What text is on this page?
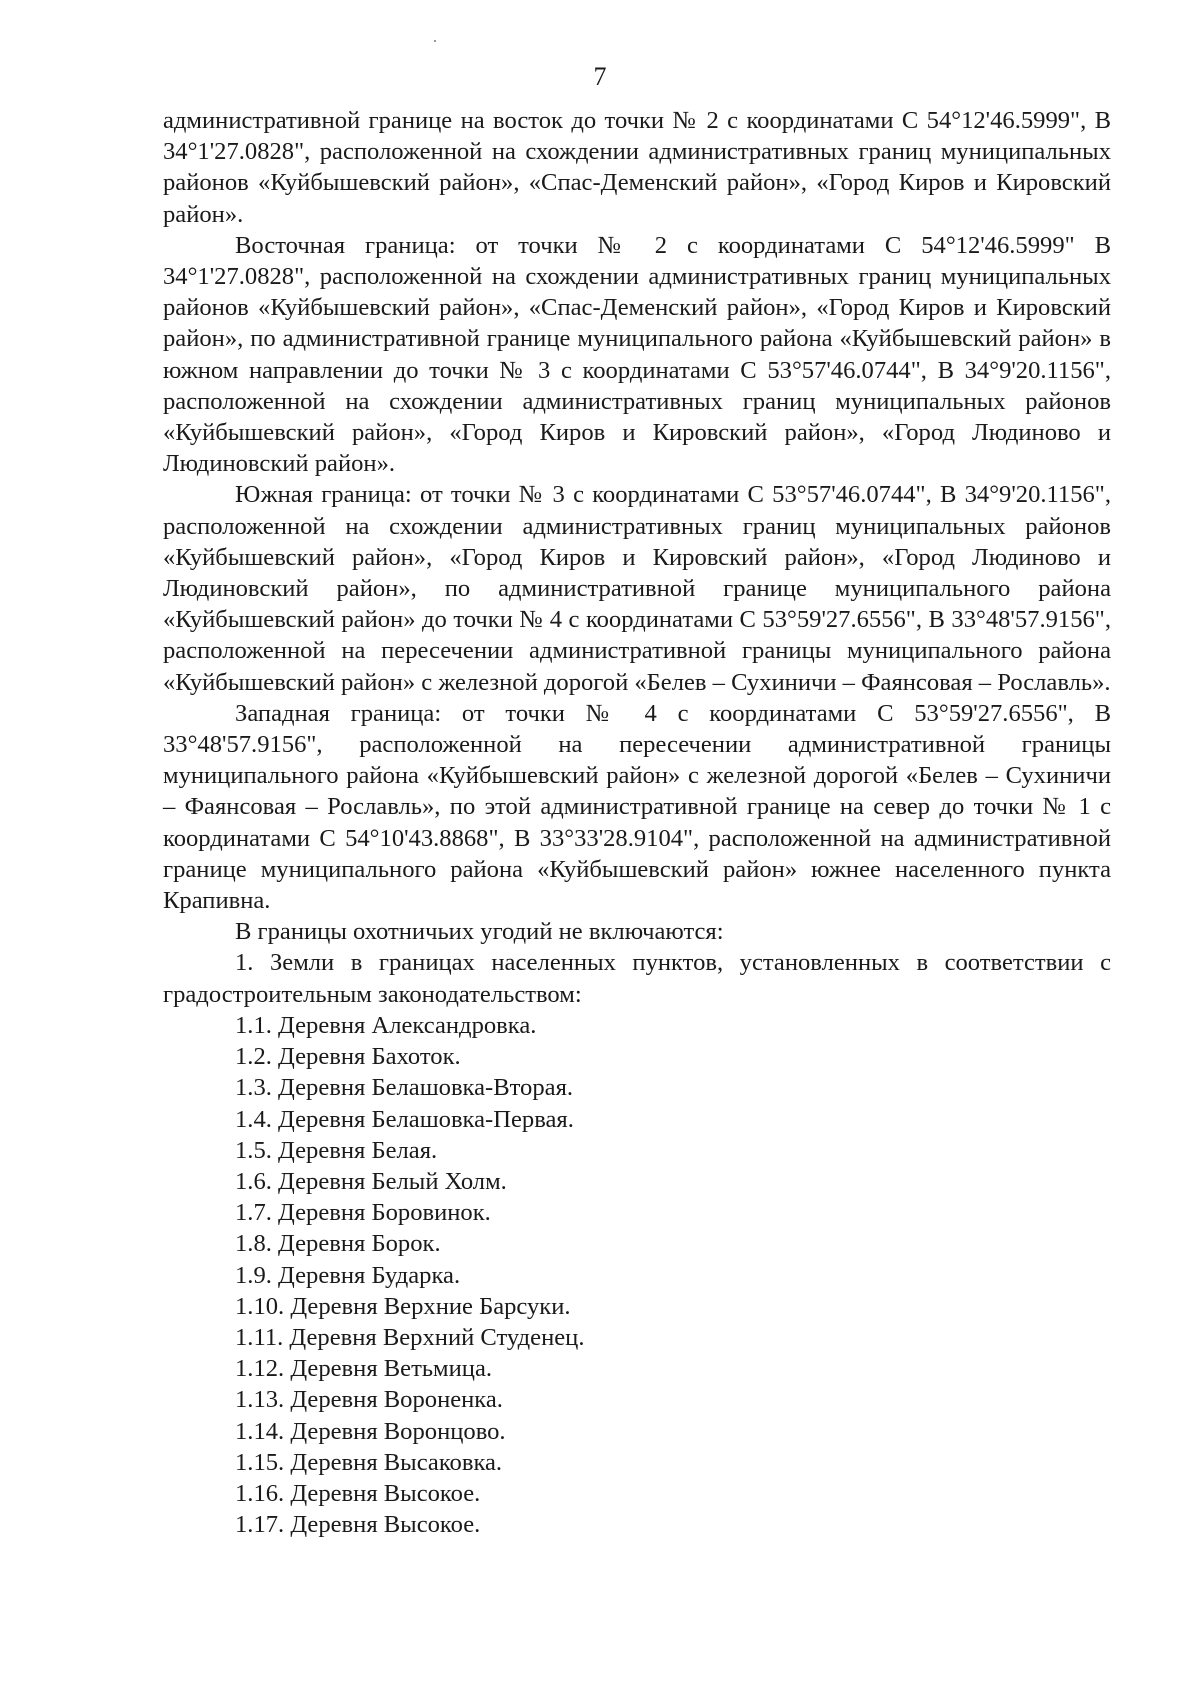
7

административной границе на восток до точки № 2 с координатами С 54°12'46.5999", В 34°1'27.0828", расположенной на схождении административных границ муниципальных районов «Куйбышевский район», «Спас-Деменский район», «Город Киров и Кировский район».

Восточная граница: от точки № 2 с координатами С 54°12'46.5999" В 34°1'27.0828", расположенной на схождении административных границ муниципальных районов «Куйбышевский район», «Спас-Деменский район», «Город Киров и Кировский район», по административной границе муниципального района «Куйбышевский район» в южном направлении до точки № 3 с координатами С 53°57'46.0744", В 34°9'20.1156", расположенной на схождении административных границ муниципальных районов «Куйбышевский район», «Город Киров и Кировский район», «Город Людиново и Людиновский район».

Южная граница: от точки № 3 с координатами С 53°57'46.0744", В 34°9'20.1156", расположенной на схождении административных границ муниципальных районов «Куйбышевский район», «Город Киров и Кировский район», «Город Людиново и Людиновский район», по административной границе муниципального района «Куйбышевский район» до точки № 4 с координатами С 53°59'27.6556", В 33°48'57.9156", расположенной на пересечении административной границы муниципального района «Куйбышевский район» с железной дорогой «Белев – Сухиничи – Фаянсовая – Рославль».

Западная граница: от точки № 4 с координатами С 53°59'27.6556", В 33°48'57.9156", расположенной на пересечении административной границы муниципального района «Куйбышевский район» с железной дорогой «Белев – Сухиничи – Фаянсовая – Рославль», по этой административной границе на север до точки № 1 с координатами С 54°10'43.8868", В 33°33'28.9104", расположенной на административной границе муниципального района «Куйбышевский район» южнее населенного пункта Крапивна.

В границы охотничьих угодий не включаются:

1. Земли в границах населенных пунктов, установленных в соответствии с градостроительным законодательством:

1.1. Деревня Александровка.
1.2. Деревня Бахоток.
1.3. Деревня Белашовка-Вторая.
1.4. Деревня Белашовка-Первая.
1.5. Деревня Белая.
1.6. Деревня Белый Холм.
1.7. Деревня Боровинок.
1.8. Деревня Борок.
1.9. Деревня Бударка.
1.10. Деревня Верхние Барсуки.
1.11. Деревня Верхний Студенец.
1.12. Деревня Ветьмица.
1.13. Деревня Вороненка.
1.14. Деревня Воронцово.
1.15. Деревня Высаковка.
1.16. Деревня Высокое.
1.17. Деревня Высокое.
